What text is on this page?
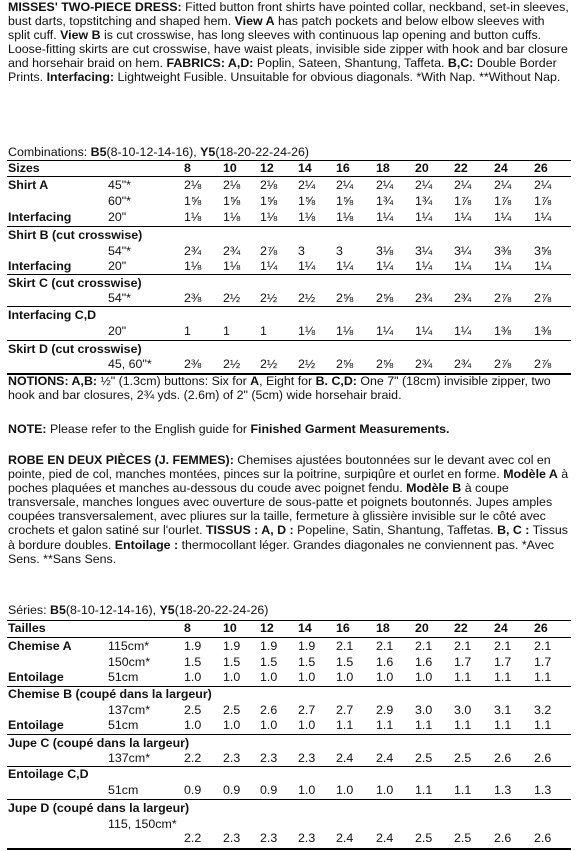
MISSES' TWO-PIECE DRESS: Fitted button front shirts have pointed collar, neckband, set-in sleeves, bust darts, topstitching and shaped hem. View A has patch pockets and below elbow sleeves with split cuff. View B is cut crosswise, has long sleeves with continuous lap opening and button cuffs. Loose-fitting skirts are cut crosswise, have waist pleats, invisible side zipper with hook and bar closure and horsehair braid on hem. FABRICS: A,D: Poplin, Sateen, Shantung, Taffeta. B,C: Double Border Prints. Interfacing: Lightweight Fusible. Unsuitable for obvious diagonals. *With Nap. **Without Nap.
Combinations: B5(8-10-12-14-16), Y5(18-20-22-24-26)
Sizes	8	10 12 14 16 18 20 22 24 26
Shirt A	45"*	2⅛ 2⅛ 2⅛ 2¼ 2¼ 2¼ 2¼ 2¼ 2¼ 2¼
60"*	1⅝ 1⅝ 1⅝ 1⅝ 1⅝ 1¾ 1¾ 1⅞ 1⅞ 1⅞
Interfacing	20"	1⅛ 1⅛ 1⅛ 1⅛ 1⅛ 1¼ 1¼ 1¼ 1¼ 1¼
Shirt B (cut crosswise)
54"*	2¾ 2¾ 2⅞ 3	3	3⅛ 3¼ 3¼ 3⅜ 3⅝
Interfacing	20"	1⅛ 1⅛ 1¼ 1¼ 1¼ 1¼ 1¼ 1¼ 1¼ 1¼
Skirt C (cut crosswise)
54"*	2⅜ 2½ 2½ 2½ 2⅝ 2⅝ 2¾ 2¾ 2⅞ 2⅞
Interfacing C,D
20"	1	1 1	1⅛ 1⅛ 1¼ 1¼ 1¼ 1⅜ 1⅜
Skirt D (cut crosswise)
45, 60"*	2⅜ 2½ 2½ 2½ 2⅝ 2⅝ 2¾ 2¾ 2⅞ 2⅞
NOTIONS: A,B: ½" (1.3cm) buttons: Six for A, Eight for B. C,D: One 7" (18cm) invisible zipper, two hook and bar closures, 2¾ yds. (2.6m) of 2" (5cm) wide horsehair braid.
NOTE: Please refer to the English guide for Finished Garment Measurements.
ROBE EN DEUX PIÈCES (J. FEMMES): Chemises ajustées boutonnées sur le devant avec col en pointe, pied de col, manches montées, pinces sur la poitrine, surpiqûre et ourlet en forme. Modèle A à poches plaquées et manches au-dessous du coude avec poignet fendu. Modèle B à coupe transversale, manches longues avec ouverture de sous-patte et poignets boutonnés. Jupes amples coupées transversalement, avec pliures sur la taille, fermeture à glissière invisible sur le côté avec crochets et galon satiné sur l'ourlet. TISSUS : A, D : Popeline, Satin, Shantung, Taffetas. B, C : Tissus à bordure doubles. Entoilage : thermocollant léger. Grandes diagonales ne conviennent pas. *Avec Sens. **Sans Sens.
Séries: B5(8-10-12-14-16), Y5(18-20-22-24-26)
Tailles	8	10 12 14 16 18 20 22 24 26
Chemise A	115cm*	1.9 1.9 1.9 1.9 2.1 2.1 2.1 2.1 2.1 2.1
150cm*	1.5 1.5 1.5 1.5 1.5 1.6 1.6 1.7 1.7 1.7
Entoilage	51cm	1.0 1.0 1.0 1.0 1.0 1.0 1.0 1.1 1.1 1.1
Chemise B (coupé dans la largeur)
137cm*	2.5 2.5 2.6 2.7 2.7 2.9 3.0 3.0 3.1 3.2
Entoilage	51cm	1.0 1.0 1.0 1.0 1.1 1.1 1.1 1.1 1.1 1.1
Jupe C (coupé dans la largeur)
137cm*	2.2 2.3 2.3 2.3 2.4 2.4 2.5 2.5 2.6 2.6
Entoilage C,D
51cm	0.9 0.9 0.9 1.0 1.0 1.0 1.1 1.1 1.3 1.3
Jupe D (coupé dans la largeur)
115, 150cm*
2.2 2.3 2.3 2.3 2.4 2.4 2.5 2.5 2.6 2.6
